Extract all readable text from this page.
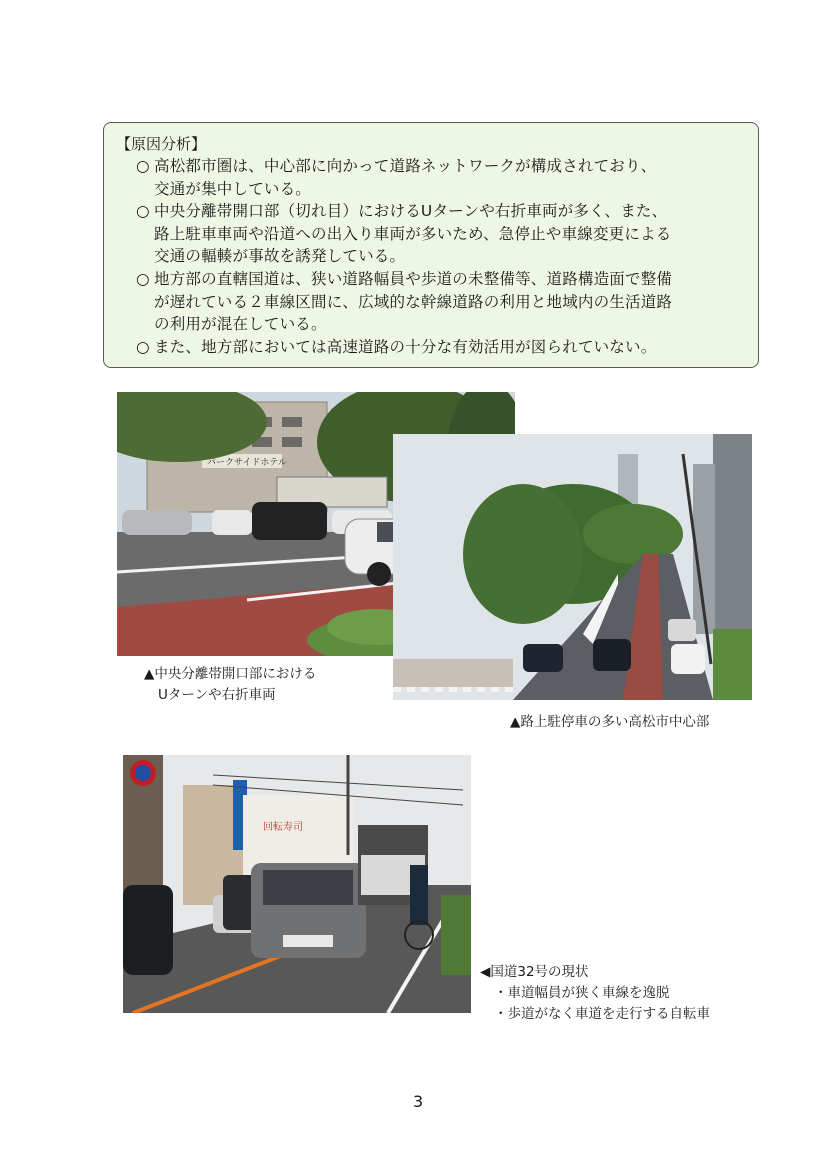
【原因分析】
○ 高松都市圏は、中心部に向かって道路ネットワークが構成されており、
交通が集中している。
○ 中央分離帯開口部（切れ目）におけるUターンや右折車両が多く、また、
路上駐車車両や沿道への出入り車両が多いため、急停止や車線変更による
交通の輻輳が事故を誘発している。
○ 地方部の直轄国道は、狭い道路幅員や歩道の未整備等、道路構造面で整備
が遅れている２車線区間に、広域的な幹線道路の利用と地域内の生活道路
の利用が混在している。
○ また、地方部においては高速道路の十分な有効活用が図られていない。
パークサイドホテル
回転寿司
▲中央分離帯開口部における
Uターンや右折車両
▲路上駐停車の多い高松市中心部
◀国道32号の現状
・車道幅員が狭く車線を逸脱
・歩道がなく車道を走行する自転車
3
